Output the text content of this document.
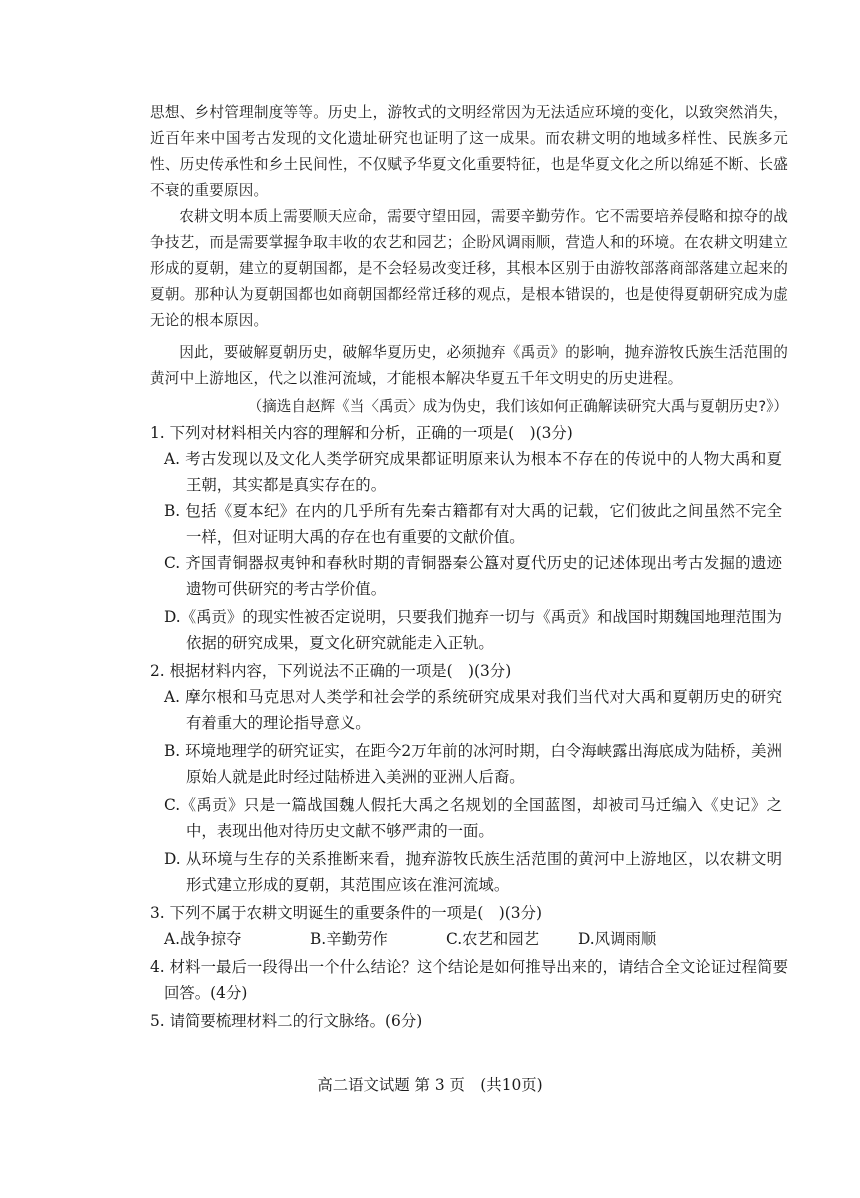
思想、乡村管理制度等等。历史上，游牧式的文明经常因为无法适应环境的变化，以致突然消失，近百年来中国考古发现的文化遗址研究也证明了这一成果。而农耕文明的地域多样性、民族多元性、历史传承性和乡土民间性，不仅赋予华夏文化重要特征，也是华夏文化之所以绵延不断、长盛不衰的重要原因。

农耕文明本质上需要顺天应命，需要守望田园，需要辛勤劳作。它不需要培养侵略和掠夺的战争技艺，而是需要掌握争取丰收的农艺和园艺；企盼风调雨顺，营造人和的环境。在农耕文明建立形成的夏朝，建立的夏朝国都，是不会轻易改变迁移，其根本区别于由游牧部落商部落建立起来的夏朝。那种认为夏朝国都也如商朝国都经常迁移的观点，是根本错误的，也是使得夏朝研究成为虚无论的根本原因。

因此，要破解夏朝历史，破解华夏历史，必须抛弃《禹贡》的影响，抛弃游牧氏族生活范围的黄河中上游地区，代之以淮河流域，才能根本解决华夏五千年文明史的历史进程。

（摘选自赵辉《当〈禹贡〉成为伪史，我们该如何正确解读研究大禹与夏朝历史?》）

1. 下列对材料相关内容的理解和分析，正确的一项是(　)(3分)

A. 考古发现以及文化人类学研究成果都证明原来认为根本不存在的传说中的人物大禹和夏王朝，其实都是真实存在的。

B. 包括《夏本纪》在内的几乎所有先秦古籍都有对大禹的记载，它们彼此之间虽然不完全一样，但对证明大禹的存在也有重要的文献价值。

C. 齐国青铜器叔夷钟和春秋时期的青铜器秦公簋对夏代历史的记述体现出考古发掘的遗迹遗物可供研究的考古学价值。

D.《禹贡》的现实性被否定说明，只要我们抛弃一切与《禹贡》和战国时期魏国地理范围为依据的研究成果，夏文化研究就能走入正轨。

2. 根据材料内容，下列说法不正确的一项是(　)(3分)

A. 摩尔根和马克思对人类学和社会学的系统研究成果对我们当代对大禹和夏朝历史的研究有着重大的理论指导意义。

B. 环境地理学的研究证实，在距今2万年前的冰河时期，白令海峡露出海底成为陆桥，美洲原始人就是此时经过陆桥进入美洲的亚洲人后裔。

C.《禹贡》只是一篇战国魏人假托大禹之名规划的全国蓝图，却被司马迁编入《史记》之中，表现出他对待历史文献不够严肃的一面。

D. 从环境与生存的关系推断来看，抛弃游牧氏族生活范围的黄河中上游地区，以农耕文明形式建立形成的夏朝，其范围应该在淮河流域。

3. 下列不属于农耕文明诞生的重要条件的一项是(　)(3分)

A.战争掠夺	B.辛勤劳作	C.农艺和园艺	D.风调雨顺

4. 材料一最后一段得出一个什么结论？这个结论是如何推导出来的，请结合全文论证过程简要回答。(4分)

5. 请简要梳理材料二的行文脉络。(6分)

高二语文试题 第 3 页　(共10页)
